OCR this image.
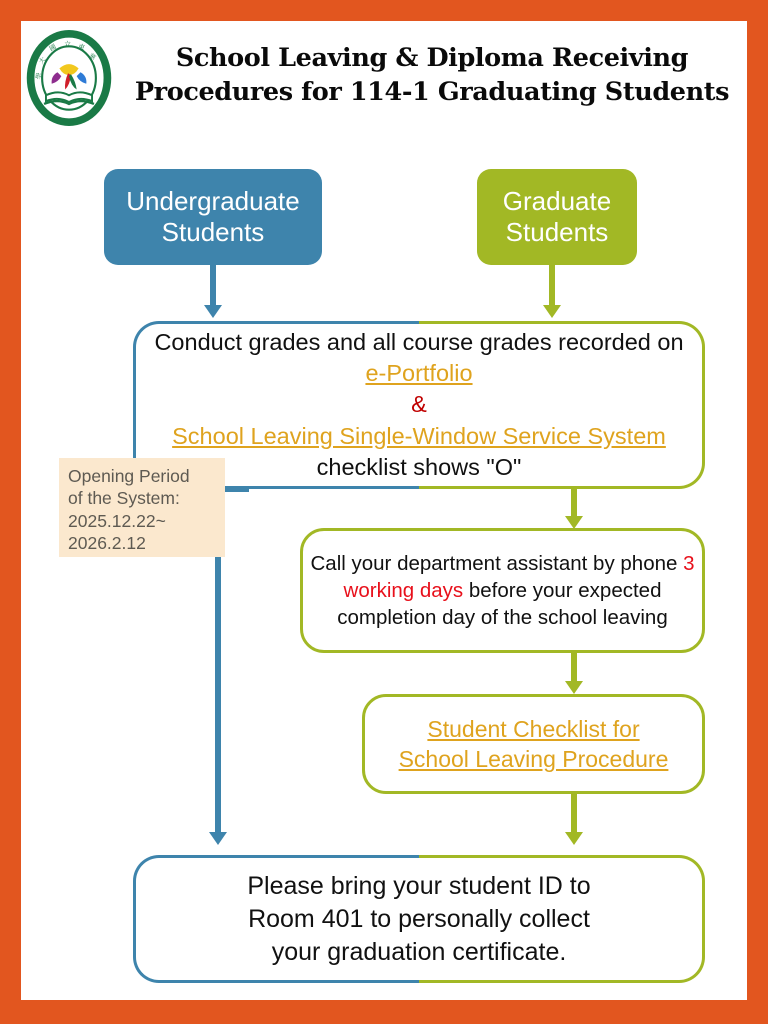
國 立 東
華
大
學
School Leaving & Diploma Receiving
Procedures for 114-1 Graduating Students
Undergraduate
Students
Graduate
Students
Conduct grades and all course grades recorded on e-Portfolio
&
School Leaving Single-Window Service System checklist shows "O"
Call your department assistant by phone 3 working days before your expected completion day of the school leaving
Student Checklist for
School Leaving Procedure
Please bring your student ID to
Room 401 to personally collect
your graduation certificate.
Opening Period
of the System:
2025.12.22~
2026.2.12
